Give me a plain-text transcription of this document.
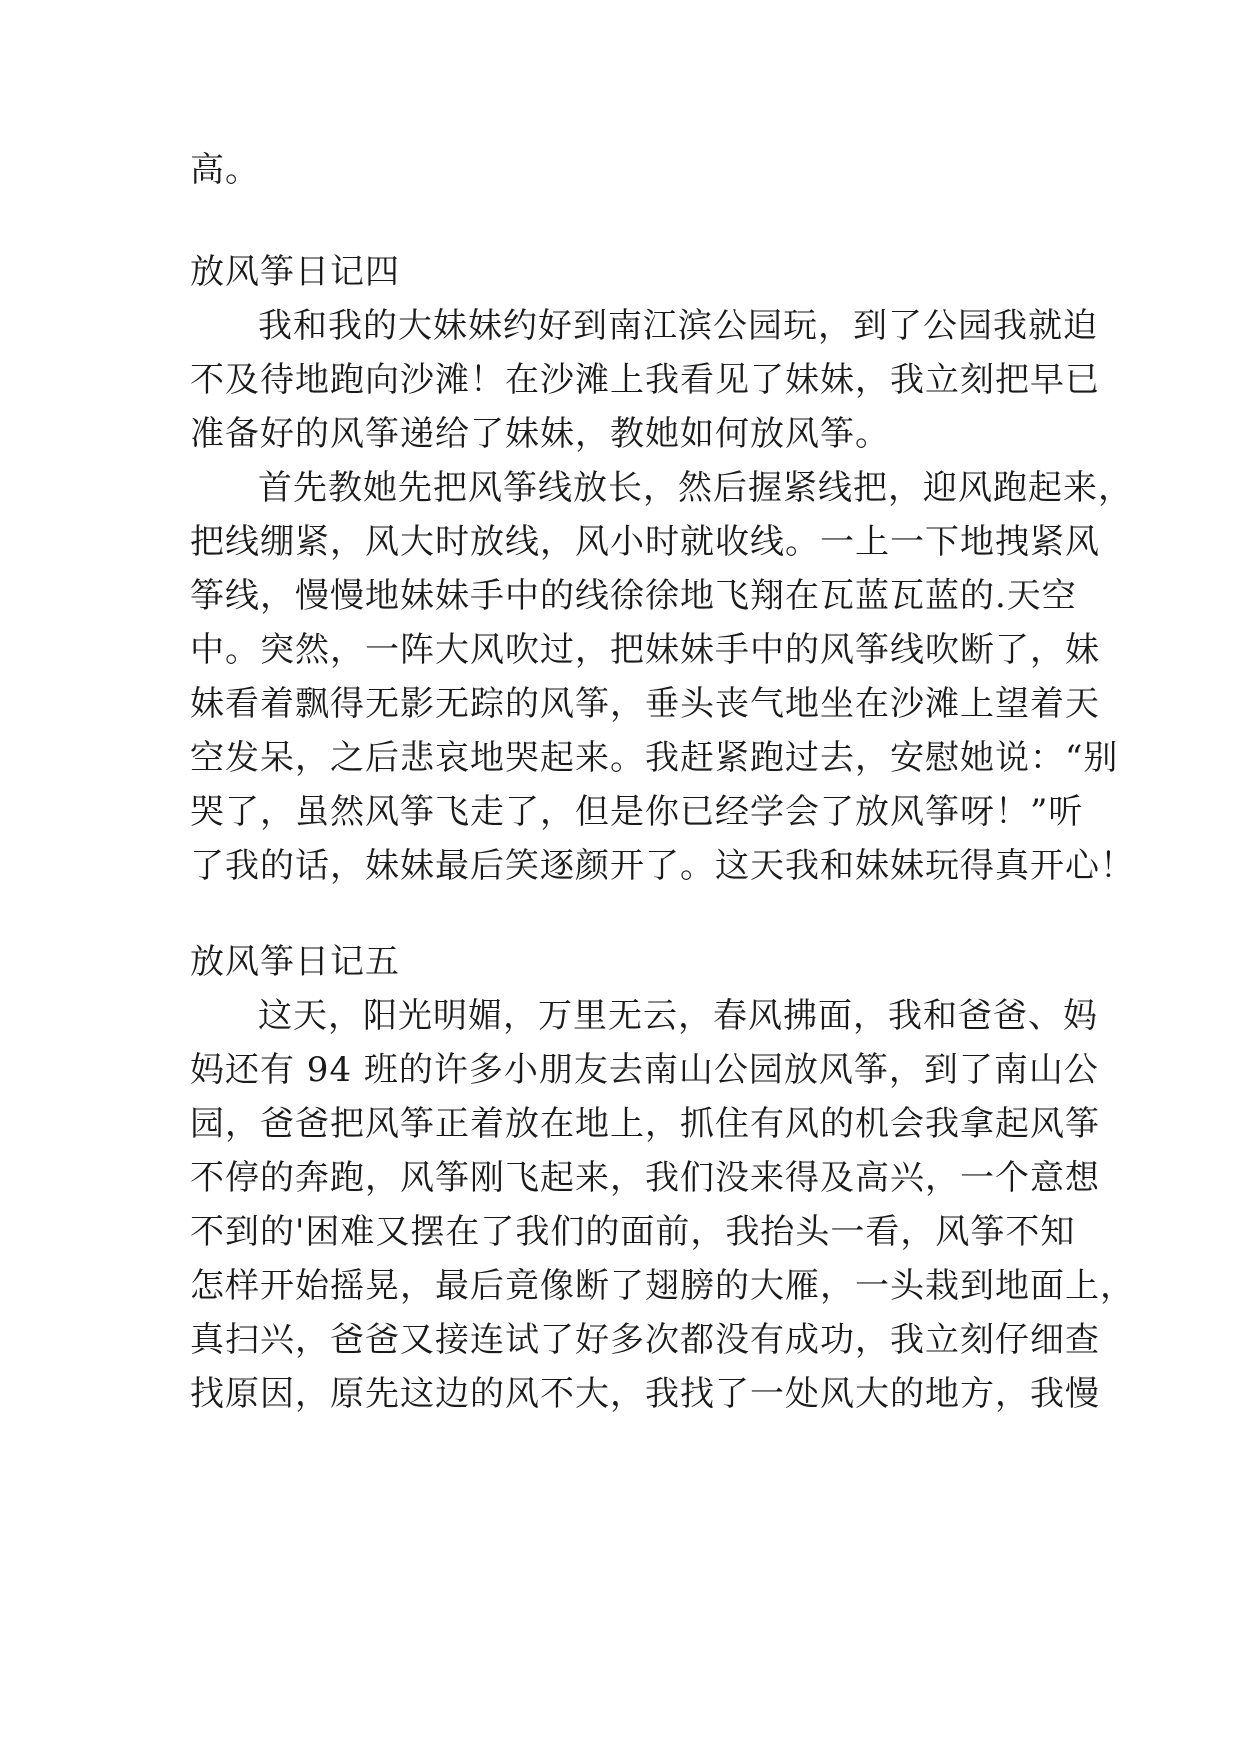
高。
放风筝日记四
我和我的大妹妹约好到南江滨公园玩，到了公园我就迫
不及待地跑向沙滩！在沙滩上我看见了妹妹，我立刻把早已
准备好的风筝递给了妹妹，教她如何放风筝。
首先教她先把风筝线放长，然后握紧线把，迎风跑起来，
把线绷紧，风大时放线，风小时就收线。一上一下地拽紧风
筝线，慢慢地妹妹手中的线徐徐地飞翔在瓦蓝瓦蓝的.天空
中。突然，一阵大风吹过，把妹妹手中的风筝线吹断了，妹
妹看着飘得无影无踪的风筝，垂头丧气地坐在沙滩上望着天
空发呆，之后悲哀地哭起来。我赶紧跑过去，安慰她说：“别
哭了，虽然风筝飞走了，但是你已经学会了放风筝呀！”听
了我的话，妹妹最后笑逐颜开了。这天我和妹妹玩得真开心！
放风筝日记五
这天，阳光明媚，万里无云，春风拂面，我和爸爸、妈
妈还有 94 班的许多小朋友去南山公园放风筝，到了南山公
园，爸爸把风筝正着放在地上，抓住有风的机会我拿起风筝
不停的奔跑，风筝刚飞起来，我们没来得及高兴，一个意想
不到的'困难又摆在了我们的面前，我抬头一看，风筝不知
怎样开始摇晃，最后竟像断了翅膀的大雁，一头栽到地面上，
真扫兴，爸爸又接连试了好多次都没有成功，我立刻仔细查
找原因，原先这边的风不大，我找了一处风大的地方，我慢
